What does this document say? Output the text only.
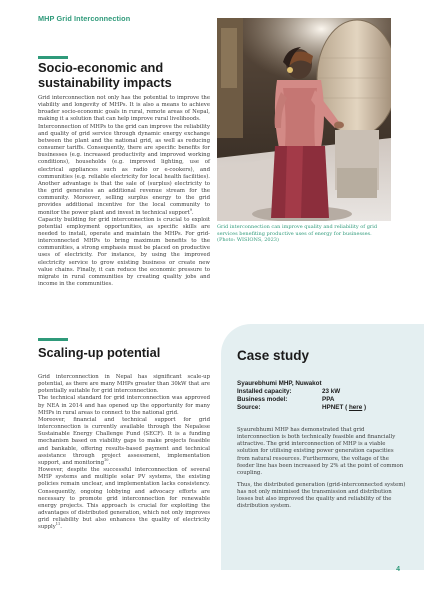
MHP Grid Interconnection
Socio-economic and sustainability impacts

Grid interconnection not only has the potential to improve the viability and longevity of MHPs. It is also a means to achieve broader socio-economic goals in rural, remote areas of Nepal, making it a solution that can help improve rural livelihoods.

Interconnection of MHPs to the grid can improve the reliability and quality of grid service through dynamic energy exchange between the plant and the national grid, as well as reducing consumer tariffs. Consequently, there are specific benefits for businesses (e.g. increased productivity and improved working conditions), households (e.g. improved lighting, use of electrical appliances such as radio or e-cookers), and communities (e.g. reliable electricity for local health facilities). Another advantage is that the sale of (surplus) electricity to the grid generates an additional revenue stream for the community. Moreover, selling surplus energy to the grid provides additional incentive for the local community to monitor the power plant and invest in technical support$^9$.

Capacity building for grid interconnection is crucial to exploit potential employment opportunities, as specific skills are needed to install, operate and maintain the MHPs. For grid-interconnected MHPs to bring maximum benefits to the communities, a strong emphasis must be placed on productive uses of electricity. For instance, by using the improved electricity service to grow existing business or create new value chains. Finally, it can reduce the economic pressure to migrate in rural communities by creating quality jobs and income in the communities.

Grid interconnection can improve quality and reliability of grid services benefiting productive uses of energy for businesses. (Photo: WISIONS, 2023)
Scaling-up potential

Grid interconnection in Nepal has significant scale-up potential, as there are many MHPs greater than 30kW that are potentially suitable for grid interconnection.

The technical standard for grid interconnection was approved by NEA in 2014 and has opened up the opportunity for many MHPs in rural areas to connect to the national grid.

Moreover, financial and technical support for grid interconnection is currently available through the Nepalese Sustainable Energy Challenge Fund (SECF). It is a funding mechanism based on viability gaps to make projects feasible and bankable, offering results-based payment and technical assistance through project assessment, implementation support, and monitoring$^{10}$.

However, despite the successful interconnection of several MHP systems and multiple solar PV systems, the existing policies remain unclear, and implementation lacks consistency. Consequently, ongoing lobbying and advocacy efforts are necessary to promote grid interconnection for renewable energy projects. This approach is crucial for exploiting the advantages of distributed generation, which not only improves grid reliability but also enhances the quality of electricity supply$^{11}$.

Case study
Syaurebhumi MHP, Nuwakot
Installed capacity:	23 kW
Business model:	PPA
Source:	HPNET ( here )
Syaurebhumi MHP has demonstrated that grid interconnection is both technically feasible and financially attractive. The grid interconnection of MHP is a viable solution for utilising existing power generation capacities from natural resources. Furthermore, the voltage of the feeder line has been increased by 2% at the point of common coupling.
Thus, the distributed generation (grid-interconnected system) has not only minimised the transmission and distribution losses but also improved the quality and reliability of the distribution system.
4
